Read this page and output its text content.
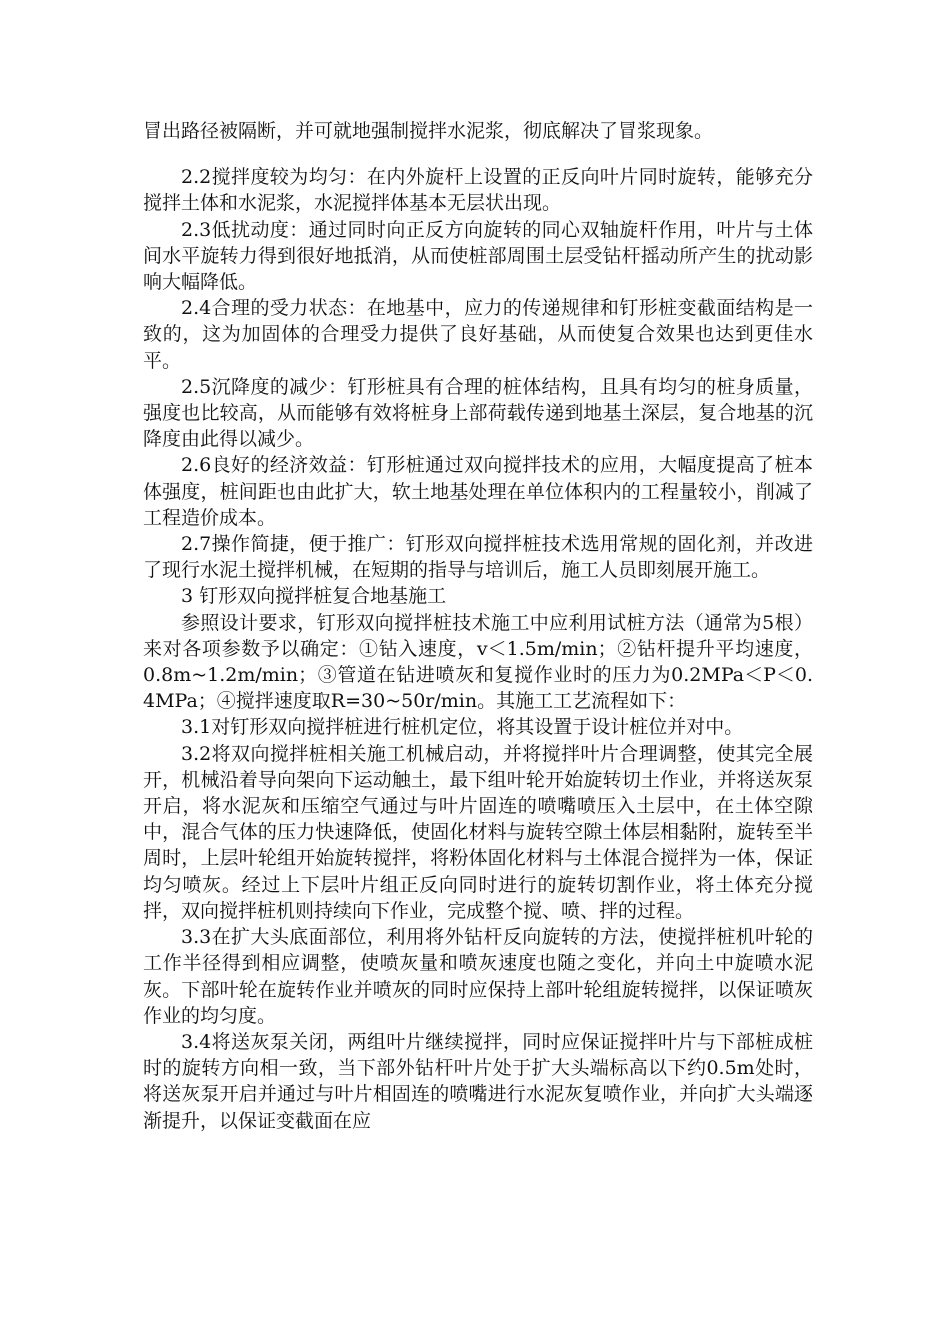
冒出路径被隔断，并可就地强制搅拌水泥浆，彻底解决了冒浆现象。

2.2搅拌度较为均匀：在内外旋杆上设置的正反向叶片同时旋转，能够充分搅拌土体和水泥浆，水泥搅拌体基本无层状出现。

2.3低扰动度：通过同时向正反方向旋转的同心双轴旋杆作用，叶片与土体间水平旋转力得到很好地抵消，从而使桩部周围土层受钻杆摇动所产生的扰动影响大幅降低。

2.4合理的受力状态：在地基中，应力的传递规律和钉形桩变截面结构是一致的，这为加固体的合理受力提供了良好基础，从而使复合效果也达到更佳水平。

2.5沉降度的减少：钉形桩具有合理的桩体结构，且具有均匀的桩身质量，强度也比较高，从而能够有效将桩身上部荷载传递到地基土深层，复合地基的沉降度由此得以减少。

2.6良好的经济效益：钉形桩通过双向搅拌技术的应用，大幅度提高了桩本体强度，桩间距也由此扩大，软土地基处理在单位体积内的工程量较小，削减了工程造价成本。

2.7操作简捷，便于推广：钉形双向搅拌桩技术选用常规的固化剂，并改进了现行水泥土搅拌机械，在短期的指导与培训后，施工人员即刻展开施工。

3 钉形双向搅拌桩复合地基施工

参照设计要求，钉形双向搅拌桩技术施工中应利用试桩方法（通常为5根）来对各项参数予以确定：①钻入速度，v＜1.5m/min；②钻杆提升平均速度，0.8m~1.2m/min；③管道在钻进喷灰和复搅作业时的压力为0.2MPa＜P＜0.4MPa；④搅拌速度取R=30~50r/min。其施工工艺流程如下：

3.1对钉形双向搅拌桩进行桩机定位，将其设置于设计桩位并对中。

3.2将双向搅拌桩相关施工机械启动，并将搅拌叶片合理调整，使其完全展开，机械沿着导向架向下运动触土，最下组叶轮开始旋转切土作业，并将送灰泵开启，将水泥灰和压缩空气通过与叶片固连的喷嘴喷压入土层中，在土体空隙中，混合气体的压力快速降低，使固化材料与旋转空隙土体层相黏附，旋转至半周时，上层叶轮组开始旋转搅拌，将粉体固化材料与土体混合搅拌为一体，保证均匀喷灰。经过上下层叶片组正反向同时进行的旋转切割作业，将土体充分搅拌，双向搅拌桩机则持续向下作业，完成整个搅、喷、拌的过程。

3.3在扩大头底面部位，利用将外钻杆反向旋转的方法，使搅拌桩机叶轮的工作半径得到相应调整，使喷灰量和喷灰速度也随之变化，并向土中旋喷水泥灰。下部叶轮在旋转作业并喷灰的同时应保持上部叶轮组旋转搅拌，以保证喷灰作业的均匀度。

3.4将送灰泵关闭，两组叶片继续搅拌，同时应保证搅拌叶片与下部桩成桩时的旋转方向相一致，当下部外钻杆叶片处于扩大头端标高以下约0.5m处时，将送灰泵开启并通过与叶片相固连的喷嘴进行水泥灰复喷作业，并向扩大头端逐渐提升，以保证变截面在应
